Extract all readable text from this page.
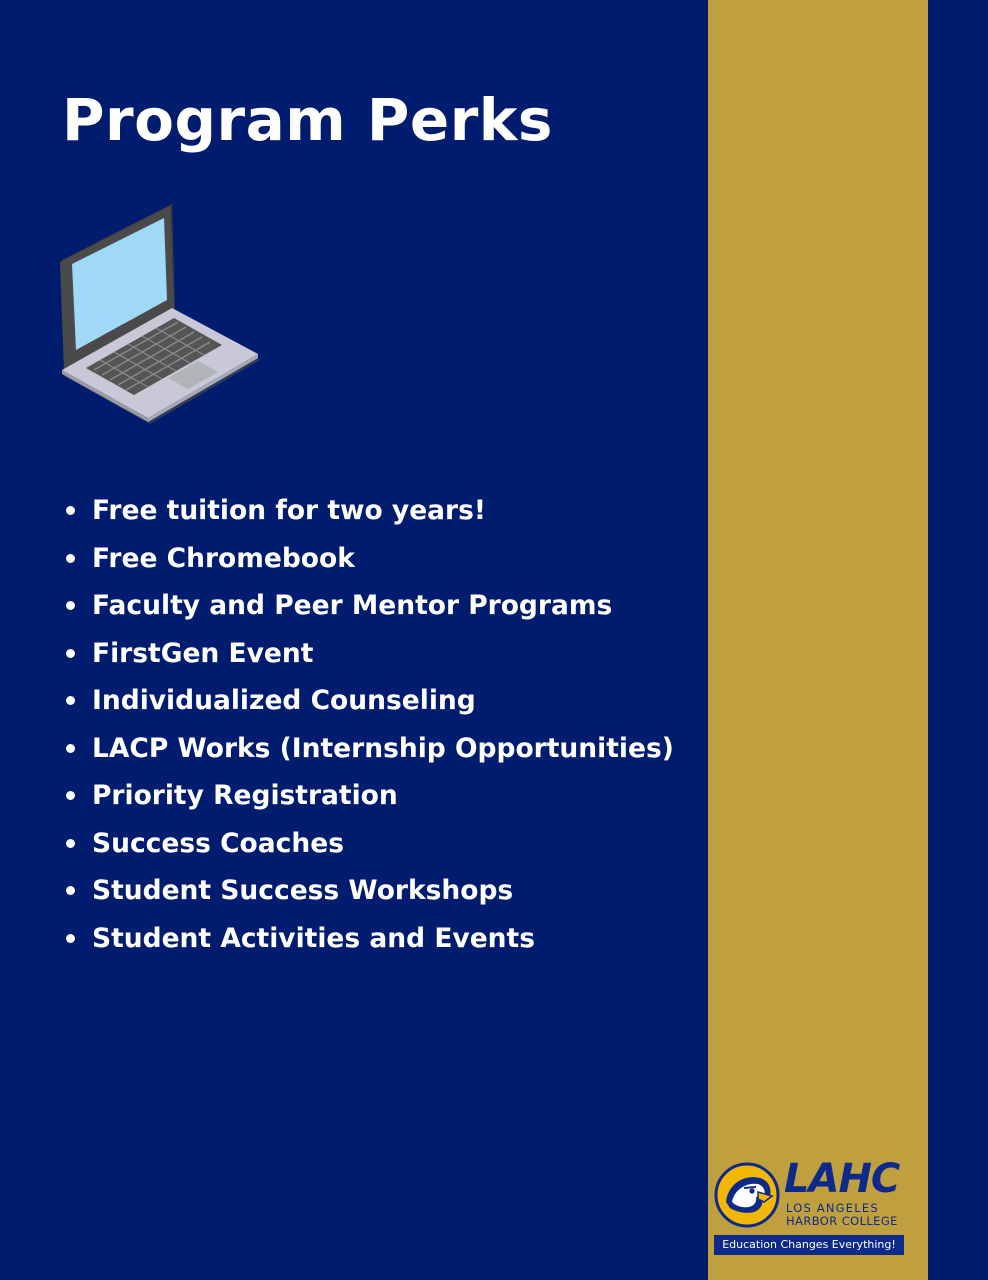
Program Perks
Free tuition for two years!
Free Chromebook
Faculty and Peer Mentor Programs
FirstGen Event
Individualized Counseling
LACP Works (Internship Opportunities)
Priority Registration
Success Coaches
Student Success Workshops
Student Activities and Events
LAHC
LOS ANGELES
HARBOR COLLEGE
Education Changes Everything!
